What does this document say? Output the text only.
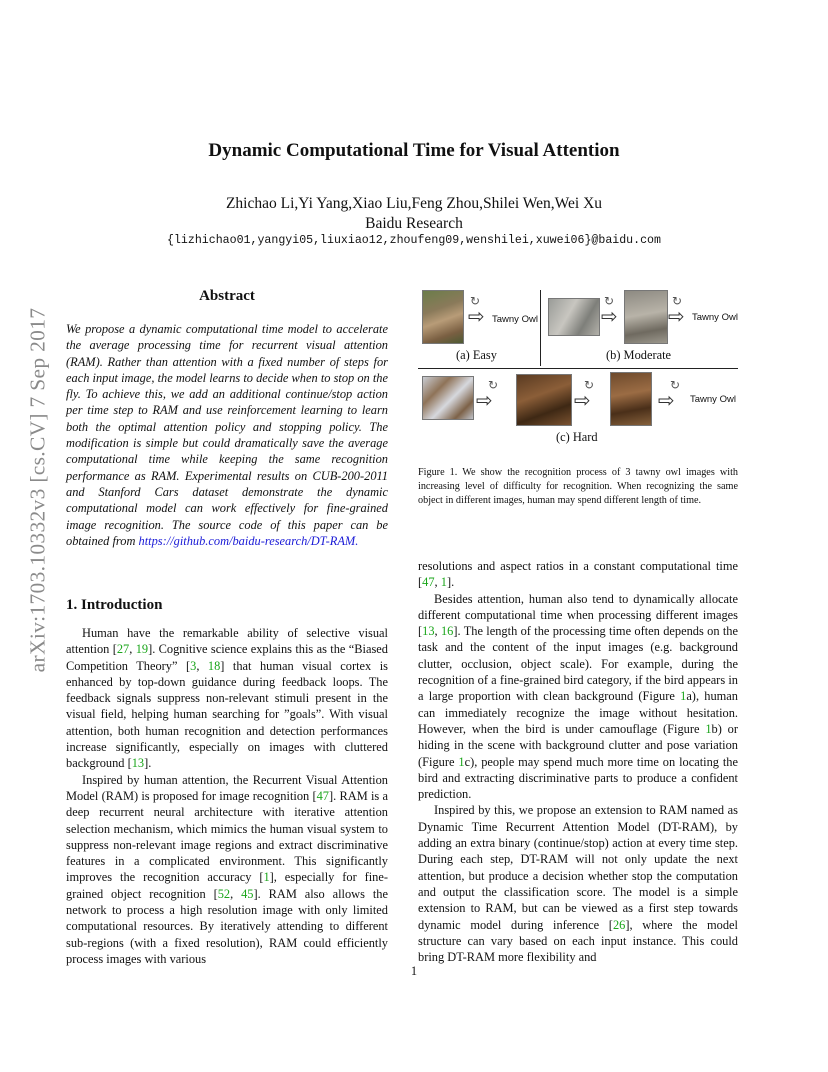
arXiv:1703.10332v3 [cs.CV] 7 Sep 2017
Dynamic Computational Time for Visual Attention
Zhichao Li,Yi Yang,Xiao Liu,Feng Zhou,Shilei Wen,Wei Xu
Baidu Research
{lizhichao01,yangyi05,liuxiao12,zhoufeng09,wenshilei,xuwei06}@baidu.com
Abstract
We propose a dynamic computational time model to accelerate the average processing time for recurrent visual attention (RAM). Rather than attention with a fixed number of steps for each input image, the model learns to decide when to stop on the fly. To achieve this, we add an additional continue/stop action per time step to RAM and use reinforcement learning to learn both the optimal attention policy and stopping policy. The modification is simple but could dramatically save the average computational time while keeping the same recognition performance as RAM. Experimental results on CUB-200-2011 and Stanford Cars dataset demonstrate the dynamic computational model can work effectively for fine-grained image recognition. The source code of this paper can be obtained from https://github.com/baidu-research/DT-RAM.
1. Introduction

Human have the remarkable ability of selective visual attention [27, 19]. Cognitive science explains this as the “Biased Competition Theory” [3, 18] that human visual cortex is enhanced by top-down guidance during feedback loops. The feedback signals suppress non-relevant stimuli present in the visual field, helping human searching for ”goals”. With visual attention, both human recognition and detection performances increase significantly, especially on images with cluttered background [13].

Inspired by human attention, the Recurrent Visual Attention Model (RAM) is proposed for image recognition [47]. RAM is a deep recurrent neural architecture with iterative attention selection mechanism, which mimics the human visual system to suppress non-relevant image regions and extract discriminative features in a complicated environment. This significantly improves the recognition accuracy [1], especially for fine-grained object recognition [52, 45]. RAM also allows the network to process a high resolution image with only limited computational resources. By iteratively attending to different sub-regions (with a fixed resolution), RAM could efficiently process images with various

↻
⇨ Tawny Owl
(a) Easy
↻
⇨
↻
⇨ Tawny Owl
(b) Moderate
↻
⇨
↻
⇨
↻
⇨ Tawny Owl
(c) Hard
Figure 1. We show the recognition process of 3 tawny owl images with increasing level of difficulty for recognition. When recognizing the same object in different images, human may spend different length of time.

resolutions and aspect ratios in a constant computational time [47, 1].

Besides attention, human also tend to dynamically allocate different computational time when processing different images [13, 16]. The length of the processing time often depends on the task and the content of the input images (e.g. background clutter, occlusion, object scale). For example, during the recognition of a fine-grained bird category, if the bird appears in a large proportion with clean background (Figure 1a), human can immediately recognize the image without hesitation. However, when the bird is under camouflage (Figure 1b) or hiding in the scene with background clutter and pose variation (Figure 1c), people may spend much more time on locating the bird and extracting discriminative parts to produce a confident prediction.

Inspired by this, we propose an extension to RAM named as Dynamic Time Recurrent Attention Model (DT-RAM), by adding an extra binary (continue/stop) action at every time step. During each step, DT-RAM will not only update the next attention, but produce a decision whether stop the computation and output the classification score. The model is a simple extension to RAM, but can be viewed as a first step towards dynamic model during inference [26], where the model structure can vary based on each input instance. This could bring DT-RAM more flexibility and

1
